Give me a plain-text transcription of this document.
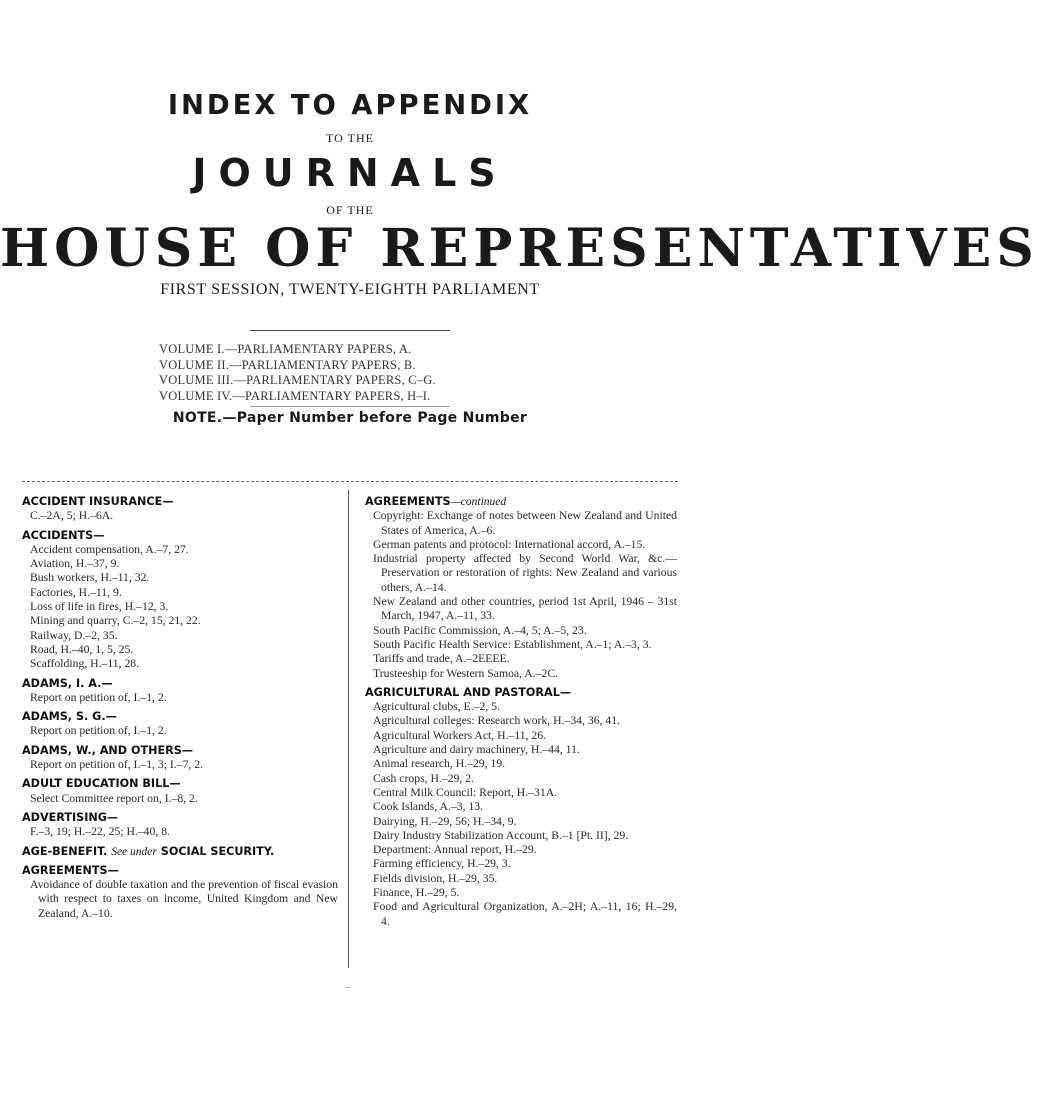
INDEX TO APPENDIX
TO THE
JOURNALS
OF THE
HOUSE OF REPRESENTATIVES
FIRST SESSION, TWENTY-EIGHTH PARLIAMENT
VOLUME I.—PARLIAMENTARY PAPERS, A.
VOLUME II.—PARLIAMENTARY PAPERS, B.
VOLUME III.—PARLIAMENTARY PAPERS, C–G.
VOLUME IV.—PARLIAMENTARY PAPERS, H–I.
NOTE.—Paper Number before Page Number
ACCIDENT INSURANCE—
C.–2A, 5; H.–6A.
ACCIDENTS—
Accident compensation, A.–7, 27.
Aviation, H.–37, 9.
Bush workers, H.–11, 32.
Factories, H.–11, 9.
Loss of life in fires, H.–12, 3.
Mining and quarry, C.–2, 15, 21, 22.
Railway, D.–2, 35.
Road, H.–40, 1, 5, 25.
Scaffolding, H.–11, 28.
ADAMS, I. A.—
Report on petition of, I.–1, 2.
ADAMS, S. G.—
Report on petition of, I.–1, 2.
ADAMS, W., AND OTHERS—
Report on petition of, I.–1, 3; I.–7, 2.
ADULT EDUCATION BILL—
Select Committee report on, I.–8, 2.
ADVERTISING—
F.–3, 19; H.–22, 25; H.–40, 8.
AGE-BENEFIT. See under SOCIAL SECURITY.
AGREEMENTS—
Avoidance of double taxation and the prevention of fiscal evasion with respect to taxes on income, United Kingdom and New Zealand, A.–10.
AGREEMENTS—continued
Copyright: Exchange of notes between New Zealand and United States of America, A.–6.
German patents and protocol: International accord, A.–15.
Industrial property affected by Second World War, &c.—Preservation or restoration of rights: New Zealand and various others, A.–14.
New Zealand and other countries, period 1st April, 1946 – 31st March, 1947, A.–11, 33.
South Pacific Commission, A.–4, 5; A.–5, 23.
South Pacific Health Service: Establishment, A.–1; A.–3, 3.
Tariffs and trade, A.–2EEEE.
Trusteeship for Western Samoa, A.–2C.
AGRICULTURAL AND PASTORAL—
Agricultural clubs, E.–2, 5.
Agricultural colleges: Research work, H.–34, 36, 41.
Agricultural Workers Act, H.–11, 26.
Agriculture and dairy machinery, H.–44, 11.
Animal research, H.–29, 19.
Cash crops, H.–29, 2.
Central Milk Council: Report, H.–31A.
Cook Islands, A.–3, 13.
Dairying, H.–29, 56; H.–34, 9.
Dairy Industry Stabilization Account, B.–1 [Pt. II], 29.
Department: Annual report, H.–29.
Farming efficiency, H.–29, 3.
Fields division, H.–29, 35.
Finance, H.–29, 5.
Food and Agricultural Organization, A.–2H; A.–11, 16; H.–29, 4.
–
